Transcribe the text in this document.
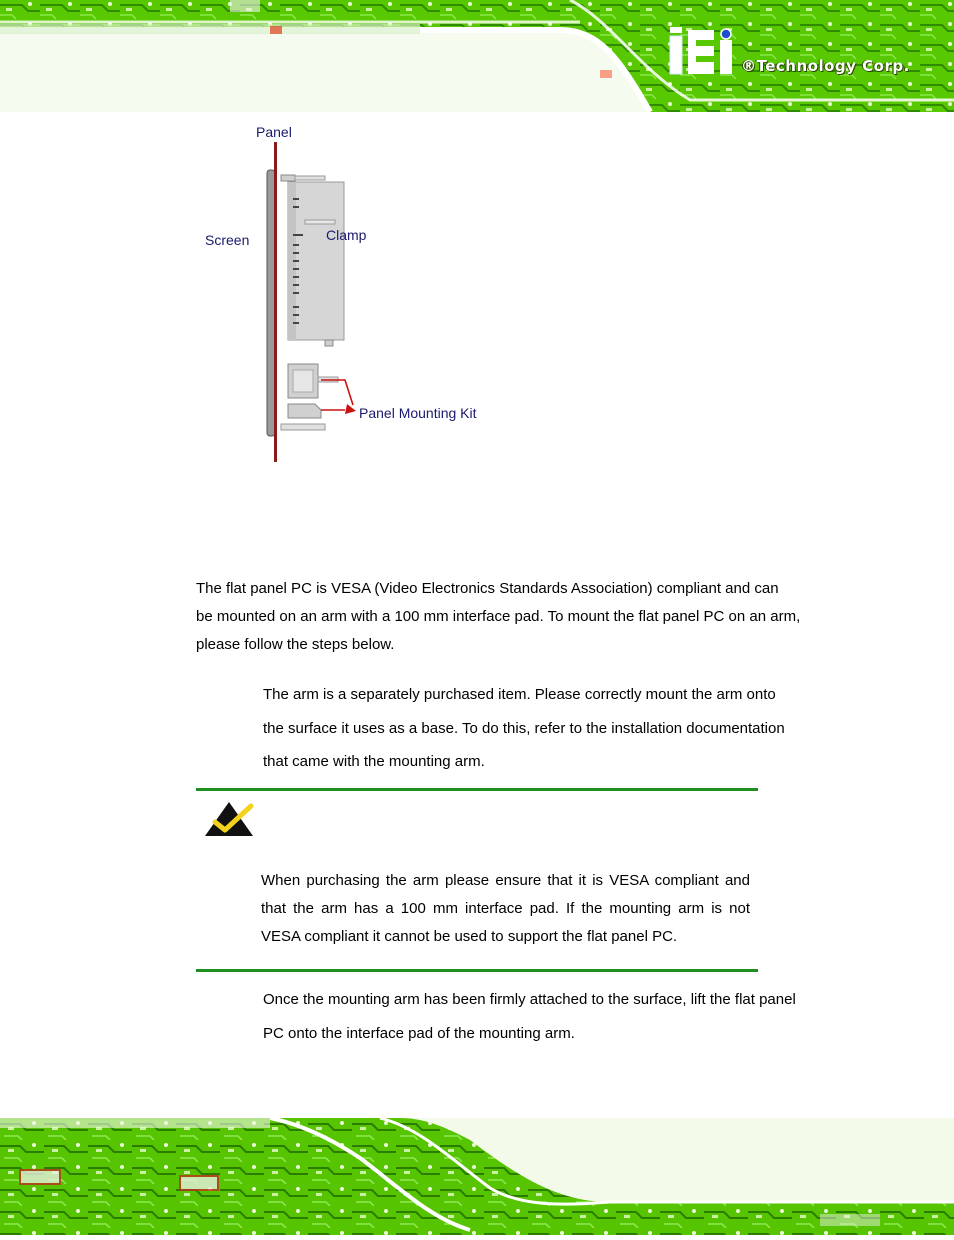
®Technology Corp.
Panel
Screen	Clamp
Panel Mounting Kit
The flat panel PC is VESA (Video Electronics Standards Association) compliant and can
be mounted on an arm with a 100 mm interface pad. To mount the flat panel PC on an arm,
please follow the steps below.
The arm is a separately purchased item. Please correctly mount the arm onto
the surface it uses as a base. To do this, refer to the installation documentation
that came with the mounting arm.

When purchasing the arm please ensure that it is VESA compliant and that the arm has a 100 mm interface pad. If the mounting arm is not VESA compliant it cannot be used to support the flat panel PC.

Once the mounting arm has been firmly attached to the surface, lift the flat panel
PC onto the interface pad of the mounting arm.
